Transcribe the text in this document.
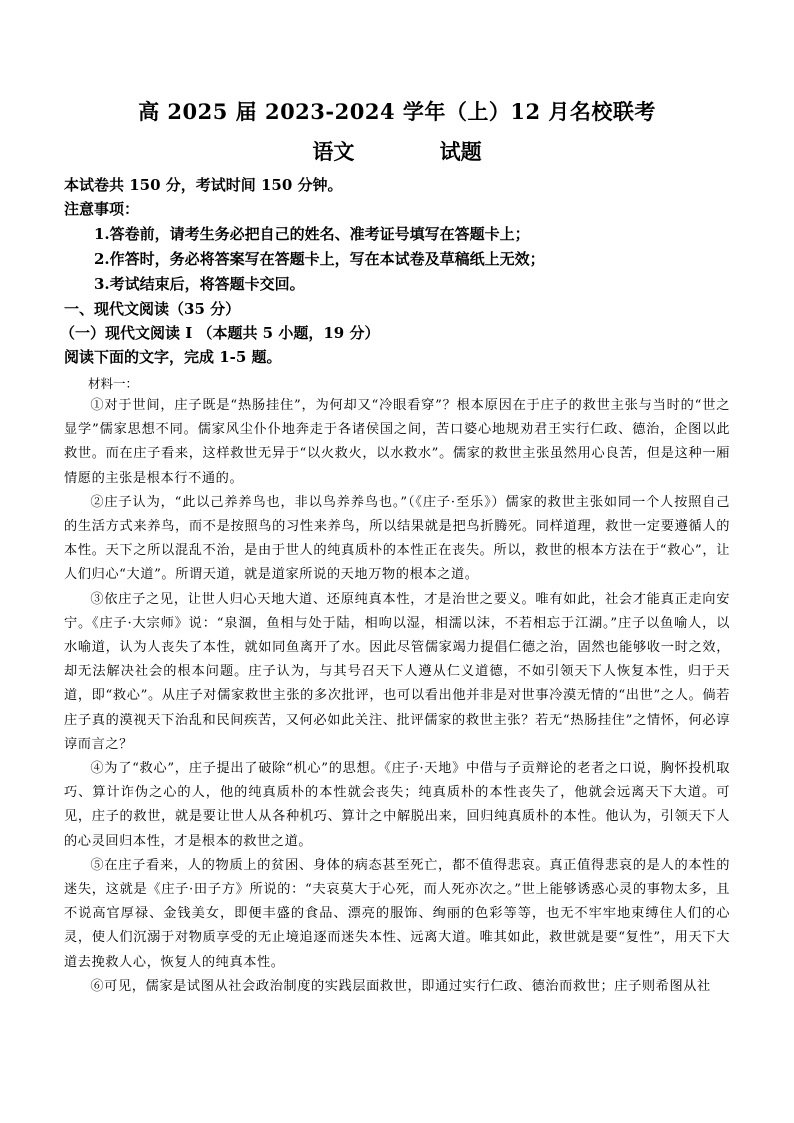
高 2025 届 2023-2024 学年（上）12 月名校联考
语文    试题
本试卷共 150 分，考试时间 150 分钟。
注意事项：
1.答卷前，请考生务必把自己的姓名、准考证号填写在答题卡上；
2.作答时，务必将答案写在答题卡上，写在本试卷及草稿纸上无效；
3.考试结束后，将答题卡交回。
一、现代文阅读（35 分）
（一）现代文阅读 I （本题共 5 小题，19 分）
阅读下面的文字，完成 1-5 题。
材料一：

①对于世间，庄子既是“热肠挂住”，为何却又“冷眼看穿”？根本原因在于庄子的救世主张与当时的“世之显学”儒家思想不同。儒家风尘仆仆地奔走于各诸侯国之间，苦口婆心地规劝君王实行仁政、德治，企图以此救世。而在庄子看来，这样救世无异于“以火救火，以水救水”。儒家的救世主张虽然用心良苦，但是这种一厢情愿的主张是根本行不通的。

②庄子认为，“此以己养养鸟也，非以鸟养养鸟也。”（《庄子·至乐》）儒家的救世主张如同一个人按照自己的生活方式来养鸟，而不是按照鸟的习性来养鸟，所以结果就是把鸟折腾死。同样道理，救世一定要遵循人的本性。天下之所以混乱不治，是由于世人的纯真质朴的本性正在丧失。所以，救世的根本方法在于“救心”，让人们归心“大道”。所谓天道，就是道家所说的天地万物的根本之道。

③依庄子之见，让世人归心天地大道、还原纯真本性，才是治世之要义。唯有如此，社会才能真正走向安宁。《庄子·大宗师》说：“泉涸，鱼相与处于陆，相呴以湿，相濡以沫，不若相忘于江湖。”庄子以鱼喻人，以水喻道，认为人丧失了本性，就如同鱼离开了水。因此尽管儒家竭力提倡仁德之治，固然也能够收一时之效，却无法解决社会的根本问题。庄子认为，与其号召天下人遵从仁义道德，不如引领天下人恢复本性，归于天道，即“救心”。从庄子对儒家救世主张的多次批评，也可以看出他并非是对世事冷漠无情的“出世”之人。倘若庄子真的漠视天下治乱和民间疾苦，又何必如此关注、批评儒家的救世主张？若无“热肠挂住”之情怀，何必谆谆而言之？

④为了“救心”，庄子提出了破除“机心”的思想。《庄子·天地》中借与子贡辩论的老者之口说，胸怀投机取巧、算计诈伪之心的人，他的纯真质朴的本性就会丧失；纯真质朴的本性丧失了，他就会远离天下大道。可见，庄子的救世，就是要让世人从各种机巧、算计之中解脱出来，回归纯真质朴的本性。他认为，引领天下人的心灵回归本性，才是根本的救世之道。

⑤在庄子看来，人的物质上的贫困、身体的病态甚至死亡，都不值得悲哀。真正值得悲哀的是人的本性的迷失，这就是《庄子·田子方》所说的：“夫哀莫大于心死，而人死亦次之。”世上能够诱惑心灵的事物太多，且不说高官厚禄、金钱美女，即便丰盛的食品、漂亮的服饰、绚丽的色彩等等，也无不牢牢地束缚住人们的心灵，使人们沉溺于对物质享受的无止境追逐而迷失本性、远离大道。唯其如此，救世就是要“复性”，用天下大道去挽救人心，恢复人的纯真本性。

⑥可见，儒家是试图从社会政治制度的实践层面救世，即通过实行仁政、德治而救世；庄子则希图从社
